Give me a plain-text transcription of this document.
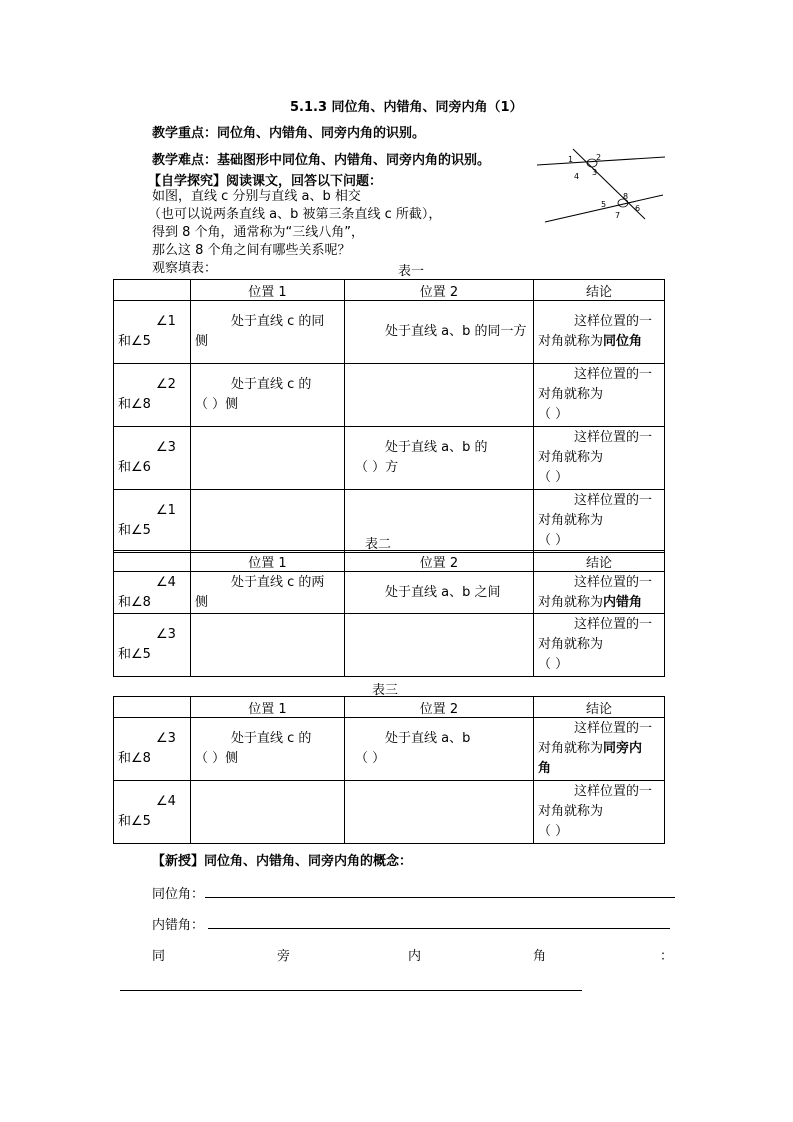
5.1.3 同位角、内错角、同旁内角（1）
教学重点：同位角、内错角、同旁内角的识别。
教学难点：基础图形中同位角、内错角、同旁内角的识别。
【自学探究】阅读课文，回答以下问题：
如图，直线 c 分别与直线 a、b 相交
（也可以说两条直线 a、b 被第三条直线 c 所截），
得到 8 个角，通常称为“三线八角”，
那么这 8 个角之间有哪些关系呢？
观察填表：
1	2
4 3
5
8
7
6
表一
	位置 1	位置 2	结论

∠1
和∠5	处于直线 c 的同
侧	处于直线 a、b 的同一方	这样位置的一
对角就称为同位角

∠2
和∠8	处于直线 c 的
（ ）侧		这样位置的一
对角就称为
（ ）

∠3
和∠6		处于直线 a、b 的
（ ）方	这样位置的一
对角就称为
（ ）

∠1
和∠5			这样位置的一
对角就称为
（ ）
表二
	位置 1	位置 2	结论

∠4
和∠8	处于直线 c 的两
侧	处于直线 a、b 之间	这样位置的一
对角就称为内错角

∠3
和∠5			这样位置的一
对角就称为
（ ）
表三
	位置 1	位置 2	结论

∠3
和∠8	处于直线 c 的
（ ）侧	处于直线 a、b
（ ）	这样位置的一
对角就称为同旁内
角

∠4
和∠5			这样位置的一
对角就称为
（ ）
【新授】同位角、内错角、同旁内角的概念：
同位角：
内错角：
同	旁	内	角	：
